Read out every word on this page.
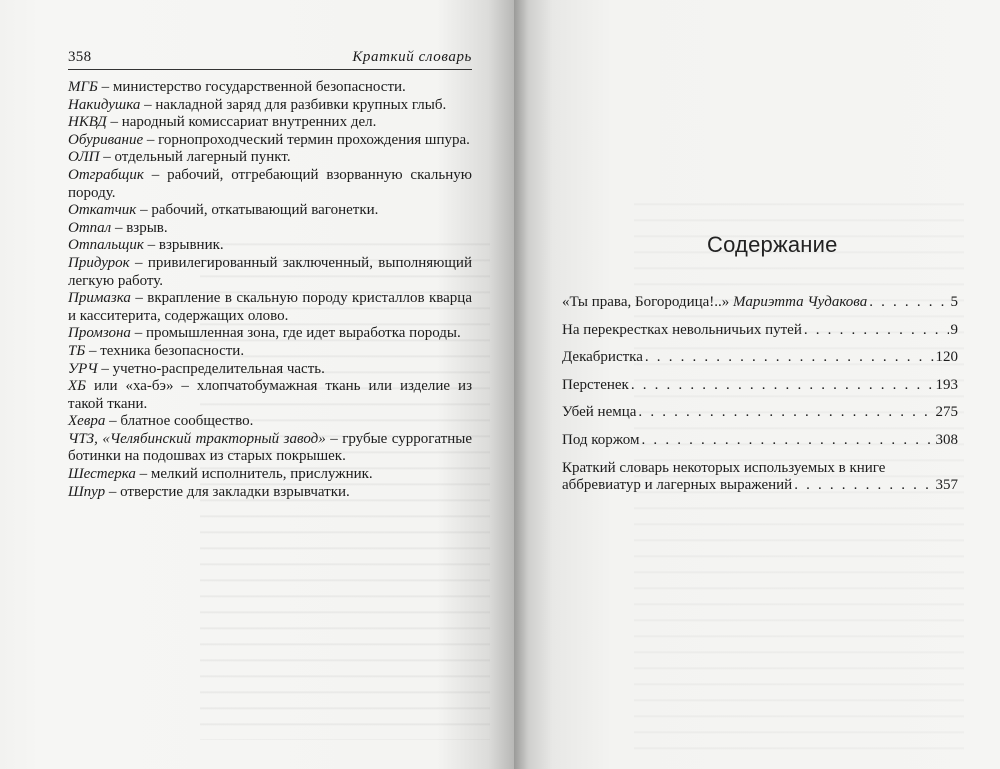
358	Краткий словарь
МГБ – министерство государственной безопасности.
Накидушка – накладной заряд для разбивки крупных глыб.
НКВД – народный комиссариат внутренних дел.
Обуривание – горнопроходческий термин прохождения шпура.
ОЛП – отдельный лагерный пункт.
Отграбщик – рабочий, отгребающий взорванную скальную породу.
Откатчик – рабочий, откатывающий вагонетки.
Отпал – взрыв.
Отпальщик – взрывник.
Придурок – привилегированный заключенный, выполняющий легкую работу.
Примазка – вкрапление в скальную породу кристаллов кварца и касситерита, содержащих олово.
Промзона – промышленная зона, где идет выработка породы.
ТБ – техника безопасности.
УРЧ – учетно-распределительная часть.
ХБ или «ха-бэ» – хлопчатобумажная ткань или изделие из такой ткани.
Хевра – блатное сообщество.
ЧТЗ, «Челябинский тракторный завод» – грубые суррогатные ботинки на подошвах из старых покрышек.
Шестерка – мелкий исполнитель, прислужник.
Шпур – отверстие для закладки взрывчатки.
Содержание
«Ты права, Богородица!..» Мариэтта Чудакова . . .	5
На перекрестках невольничьих путей . . .	9
Декабристка . . .	120
Перстенек . . .	193
Убей немца . . .	275
Под коржом . . .	308
Краткий словарь некоторых используемых в книге
аббревиатур и лагерных выражений . . .	357
